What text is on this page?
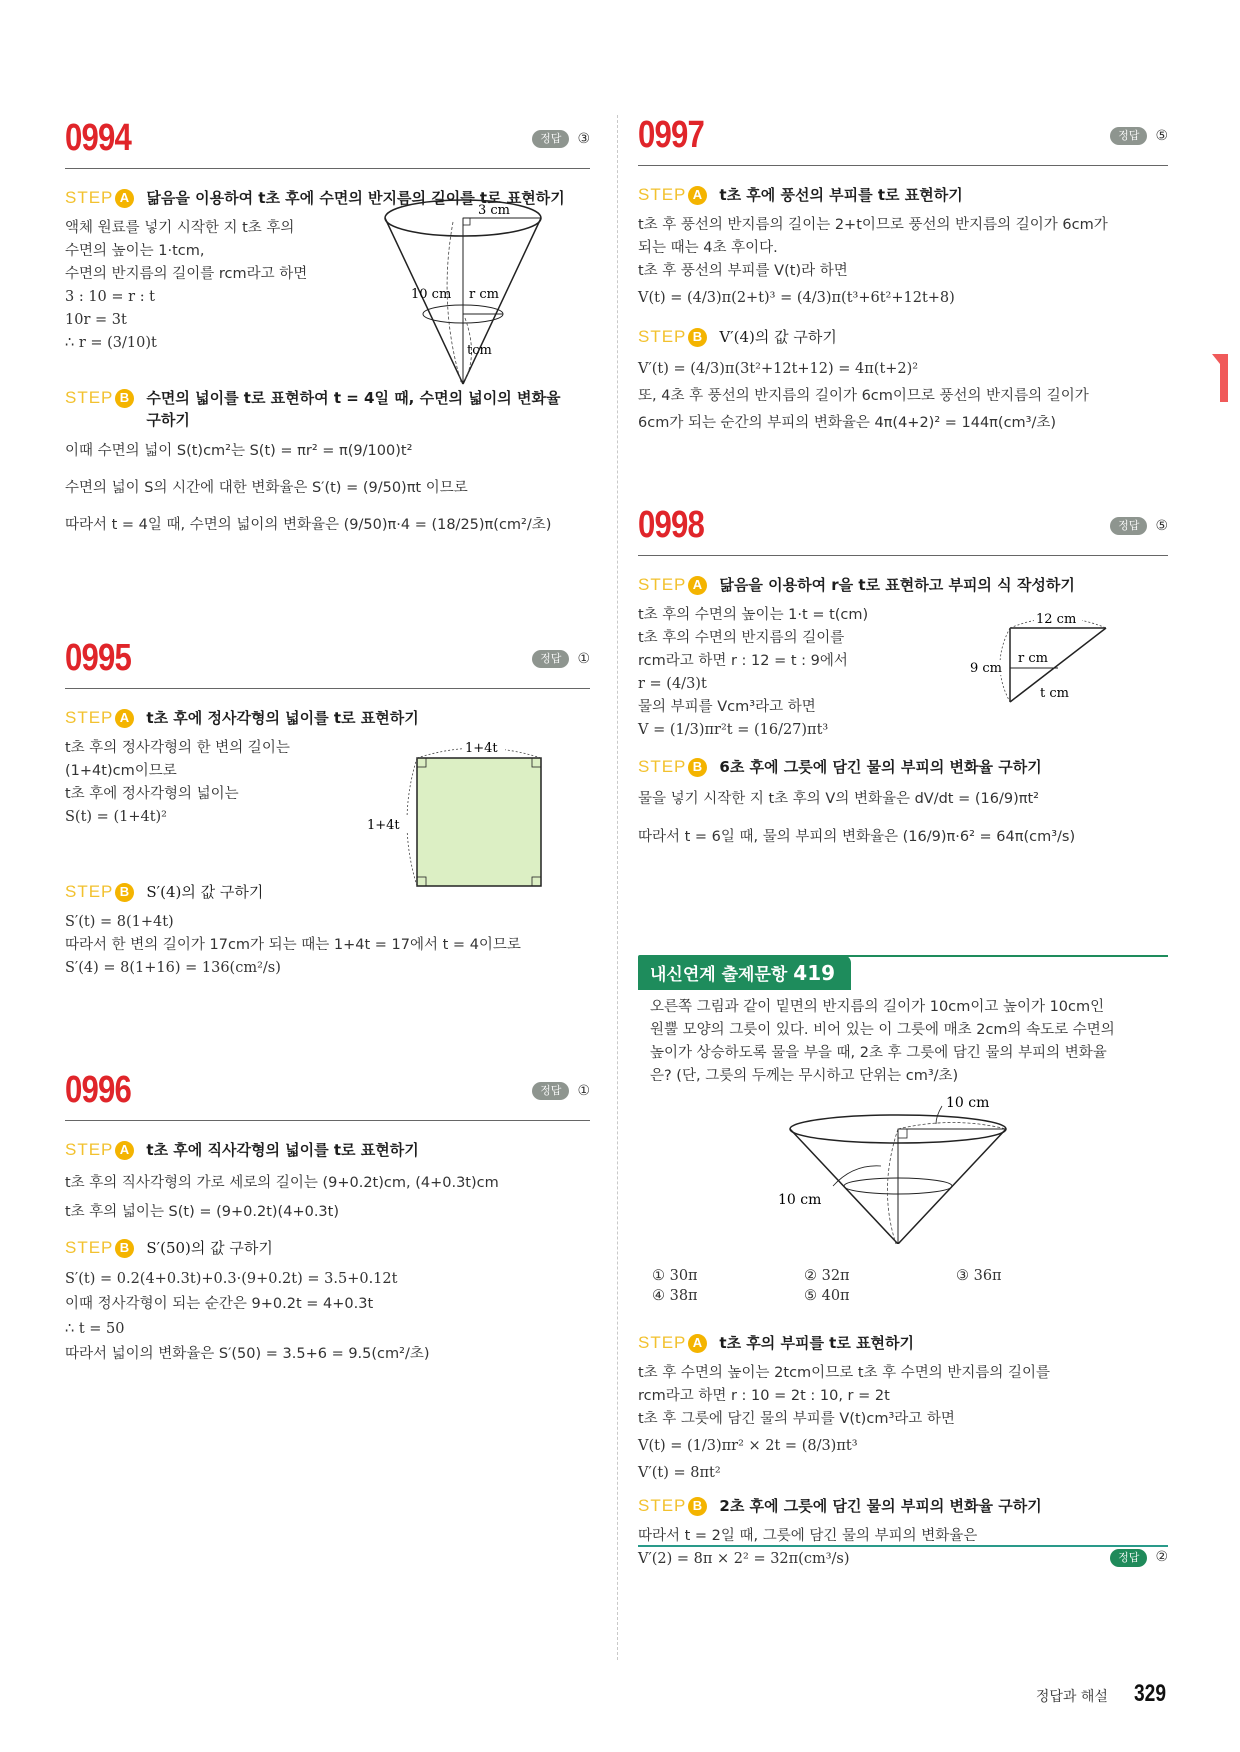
0994	정답	③
STEP A 닮음을 이용하여 t초 후에 수면의 반지름의 길이를 t로 표현하기

액체 원료를 넣기 시작한 지 t초 후의

수면의 높이는 1·tcm,

수면의 반지름의 길이를 rcm라고 하면

3 : 10 = r : t

10r = 3t

∴ r = (3/10)t

3 cm
10 cm r cm
tcm
STEP B 수면의 넓이를 t로 표현하여 t = 4일 때, 수면의 넓이의 변화율 구하기

이때 수면의 넓이 S(t)cm²는 S(t) = πr² = π(9/100)t²

수면의 넓이 S의 시간에 대한 변화율은 S′(t) = (9/50)πt 이므로

따라서 t = 4일 때, 수면의 넓이의 변화율은 (9/50)π·4 = (18/25)π(cm²/초)

0995	정답	①
STEP A t초 후에 정사각형의 넓이를 t로 표현하기

t초 후의 정사각형의 한 변의 길이는

(1+4t)cm이므로

t초 후에 정사각형의 넓이는

S(t) = (1+4t)²

1+4t
1+4t
STEP B S′(4)의 값 구하기

S′(t) = 8(1+4t)

따라서 한 변의 길이가 17cm가 되는 때는 1+4t = 17에서 t = 4이므로

S′(4) = 8(1+16) = 136(cm²/s)

0996	정답	①
STEP A t초 후에 직사각형의 넓이를 t로 표현하기

t초 후의 직사각형의 가로 세로의 길이는 (9+0.2t)cm, (4+0.3t)cm

t초 후의 넓이는 S(t) = (9+0.2t)(4+0.3t)

STEP B S′(50)의 값 구하기

S′(t) = 0.2(4+0.3t)+0.3·(9+0.2t) = 3.5+0.12t

이때 정사각형이 되는 순간은 9+0.2t = 4+0.3t

∴ t = 50

따라서 넓이의 변화율은 S′(50) = 3.5+6 = 9.5(cm²/초)

0997	정답	⑤
STEP A t초 후에 풍선의 부피를 t로 표현하기

t초 후 풍선의 반지름의 길이는 2+t이므로 풍선의 반지름의 길이가 6cm가

되는 때는 4초 후이다.

t초 후 풍선의 부피를 V(t)라 하면

V(t) = (4/3)π(2+t)³ = (4/3)π(t³+6t²+12t+8)

STEP B V′(4)의 값 구하기

V′(t) = (4/3)π(3t²+12t+12) = 4π(t+2)²

또, 4초 후 풍선의 반지름의 길이가 6cm이므로 풍선의 반지름의 길이가

6cm가 되는 순간의 부피의 변화율은 4π(4+2)² = 144π(cm³/초)

0998	정답	⑤
STEP A 닮음을 이용하여 r을 t로 표현하고 부피의 식 작성하기

t초 후의 수면의 높이는 1·t = t(cm)

t초 후의 수면의 반지름의 길이를

rcm라고 하면 r : 12 = t : 9에서

r = (4/3)t

물의 부피를 Vcm³라고 하면

V = (1/3)πr²t = (16/27)πt³

12 cm
9 cm
r cm
t cm
STEP B 6초 후에 그릇에 담긴 물의 부피의 변화율 구하기

물을 넣기 시작한 지 t초 후의 V의 변화율은 dV/dt = (16/9)πt²

따라서 t = 6일 때, 물의 부피의 변화율은 (16/9)π·6² = 64π(cm³/s)

내신연계 출제문항 419

오른쪽 그림과 같이 밑면의 반지름의 길이가 10cm이고 높이가 10cm인

원뿔 모양의 그릇이 있다. 비어 있는 이 그릇에 매초 2cm의 속도로 수면의

높이가 상승하도록 물을 부을 때, 2초 후 그릇에 담긴 물의 부피의 변화율

은? (단, 그릇의 두께는 무시하고 단위는 cm³/초)

10 cm
10 cm
① 30π	② 32π	③ 36π
④ 38π	⑤ 40π
STEP A t초 후의 부피를 t로 표현하기

t초 후 수면의 높이는 2tcm이므로 t초 후 수면의 반지름의 길이를

rcm라고 하면 r : 10 = 2t : 10, r = 2t

t초 후 그릇에 담긴 물의 부피를 V(t)cm³라고 하면

V(t) = (1/3)πr² × 2t = (8/3)πt³

V′(t) = 8πt²

STEP B 2초 후에 그릇에 담긴 물의 부피의 변화율 구하기

따라서 t = 2일 때, 그릇에 담긴 물의 부피의 변화율은

V′(2) = 8π × 2² = 32π(cm³/s)	정답	②
정답과 해설 329
